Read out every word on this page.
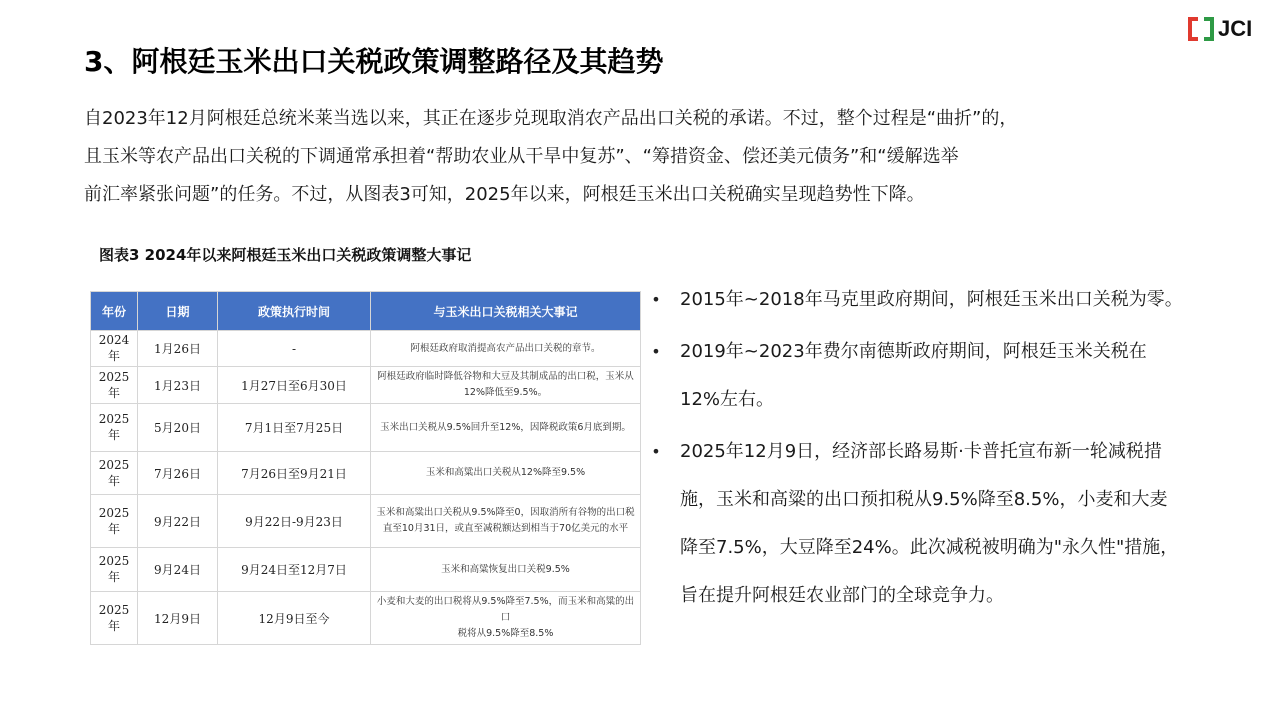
JCI
3、阿根廷玉米出口关税政策调整路径及其趋势
自2023年12月阿根廷总统米莱当选以来，其正在逐步兑现取消农产品出口关税的承诺。不过，整个过程是“曲折”的，
且玉米等农产品出口关税的下调通常承担着“帮助农业从干旱中复苏”、“筹措资金、偿还美元债务”和“缓解选举
前汇率紧张问题”的任务。不过，从图表3可知，2025年以来，阿根廷玉米出口关税确实呈现趋势性下降。
图表3 2024年以来阿根廷玉米出口关税政策调整大事记
年份	日期	政策执行时间	与玉米出口关税相关大事记
2024年	1月26日	-	阿根廷政府取消提高农产品出口关税的章节。
2025年	1月23日	1月27日至6月30日	阿根廷政府临时降低谷物和大豆及其制成品的出口税，玉米从
12%降低至9.5%。
2025年	5月20日	7月1日至7月25日	玉米出口关税从9.5%回升至12%，因降税政策6月底到期。
2025年	7月26日	7月26日至9月21日	玉米和高粱出口关税从12%降至9.5%
2025年	9月22日	9月22日-9月23日	玉米和高粱出口关税从9.5%降至0，因取消所有谷物的出口税
直至10月31日，或直至减税额达到相当于70亿美元的水平
2025年	9月24日	9月24日至12月7日	玉米和高粱恢复出口关税9.5%
2025年	12月9日	12月9日至今	小麦和大麦的出口税将从9.5%降至7.5%，而玉米和高粱的出口
税将从9.5%降至8.5%
• 2015年~2018年马克里政府期间，阿根廷玉米出口关税为零。
• 2019年~2023年费尔南德斯政府期间，阿根廷玉米关税在
12%左右。
• 2025年12月9日，经济部长路易斯·卡普托宣布新一轮减税措
施，玉米和高粱的出口预扣税从9.5%降至8.5%，小麦和大麦
降至7.5%，大豆降至24%。此次减税被明确为"永久性"措施，
旨在提升阿根廷农业部门的全球竞争力。
